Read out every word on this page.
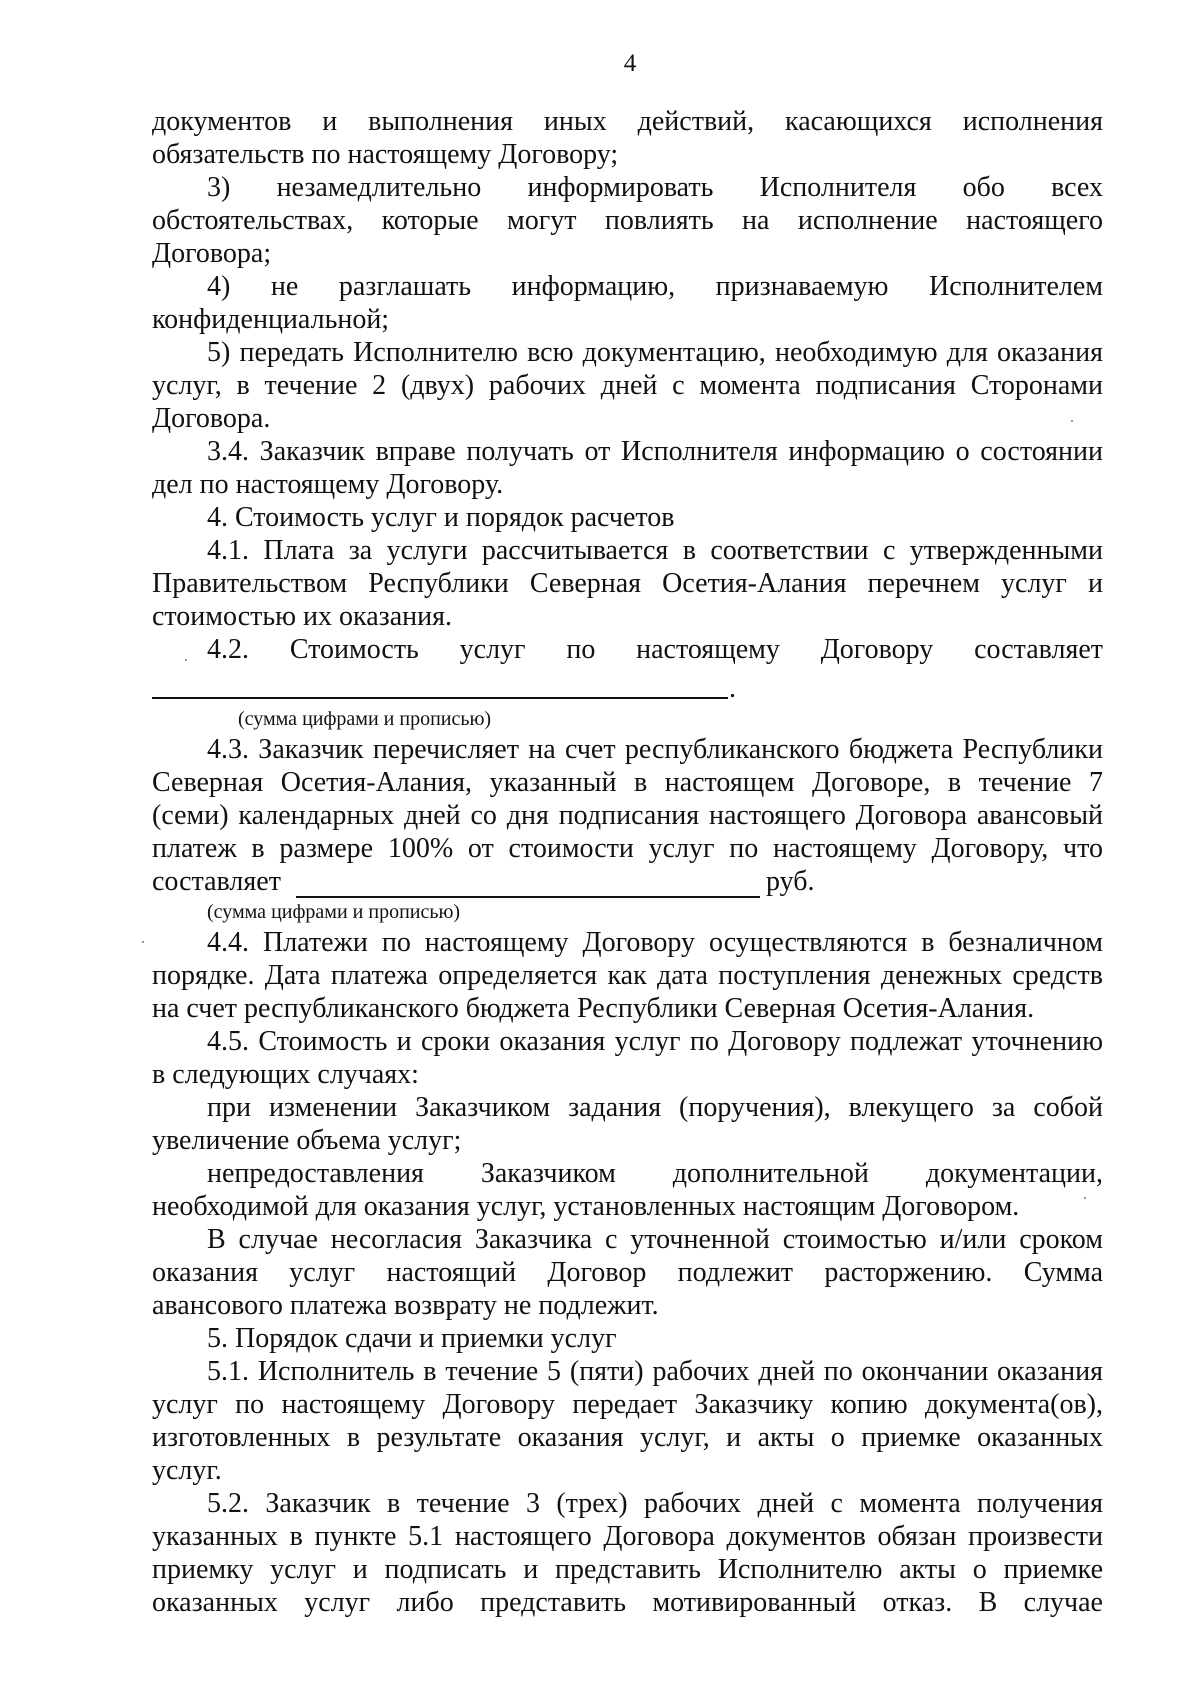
4
документов и выполнения иных действий, касающихся исполнения
обязательств по настоящему Договору;
3) незамедлительно информировать Исполнителя обо всех
обстоятельствах, которые могут повлиять на исполнение настоящего
Договора;
4) не разглашать информацию, признаваемую Исполнителем
конфиденциальной;
5) передать Исполнителю всю документацию, необходимую для оказания
услуг, в течение 2 (двух) рабочих дней с момента подписания Сторонами
Договора.
3.4. Заказчик вправе получать от Исполнителя информацию о состоянии
дел по настоящему Договору.
4. Стоимость услуг и порядок расчетов
4.1. Плата за услуги рассчитывается в соответствии с утвержденными
Правительством Республики Северная Осетия-Алания перечнем услуг и
стоимостью их оказания.
4.2. Стоимость услуг по настоящему Договору составляет
.
(сумма цифрами и прописью)
4.3. Заказчик перечисляет на счет республиканского бюджета Республики
Северная Осетия-Алания, указанный в настоящем Договоре, в течение 7
(семи) календарных дней со дня подписания настоящего Договора авансовый
платеж в размере 100% от стоимости услуг по настоящему Договору, что
составляет	руб.
(сумма цифрами и прописью)
4.4. Платежи по настоящему Договору осуществляются в безналичном
порядке. Дата платежа определяется как дата поступления денежных средств
на счет республиканского бюджета Республики Северная Осетия-Алания.
4.5. Стоимость и сроки оказания услуг по Договору подлежат уточнению
в следующих случаях:
при изменении Заказчиком задания (поручения), влекущего за собой
увеличение объема услуг;
непредоставления Заказчиком дополнительной документации,
необходимой для оказания услуг, установленных настоящим Договором.
В случае несогласия Заказчика с уточненной стоимостью и/или сроком
оказания услуг настоящий Договор подлежит расторжению. Сумма
авансового платежа возврату не подлежит.
5. Порядок сдачи и приемки услуг
5.1. Исполнитель в течение 5 (пяти) рабочих дней по окончании оказания
услуг по настоящему Договору передает Заказчику копию документа(ов),
изготовленных в результате оказания услуг, и акты о приемке оказанных
услуг.
5.2. Заказчик в течение 3 (трех) рабочих дней с момента получения
указанных в пункте 5.1 настоящего Договора документов обязан произвести
приемку услуг и подписать и представить Исполнителю акты о приемке
оказанных услуг либо представить мотивированный отказ. В случае
